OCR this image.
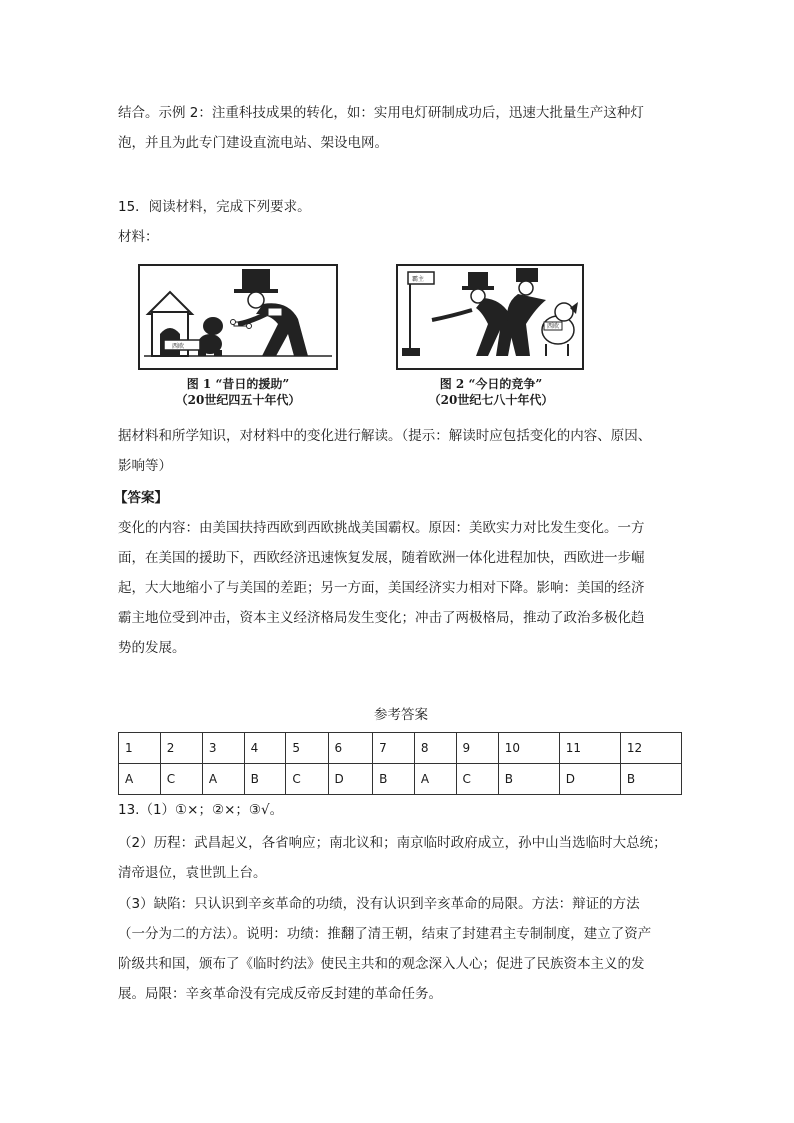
结合。示例 2：注重科技成果的转化，如：实用电灯研制成功后，迅速大批量生产这种灯
泡，并且为此专门建设直流电站、架设电网。
15．阅读材料，完成下列要求。
材料：
西欧
图 1 “昔日的援助”
（20世纪四五十年代）
霸主
西欧
图 2 “今日的竞争”
（20世纪七八十年代）
据材料和所学知识，对材料中的变化进行解读。（提示：解读时应包括变化的内容、原因、
影响等）
【答案】
变化的内容：由美国扶持西欧到西欧挑战美国霸权。原因：美欧实力对比发生变化。一方
面，在美国的援助下，西欧经济迅速恢复发展，随着欧洲一体化进程加快，西欧进一步崛
起，大大地缩小了与美国的差距；另一方面，美国经济实力相对下降。影响：美国的经济
霸主地位受到冲击，资本主义经济格局发生变化；冲击了两极格局，推动了政治多极化趋
势的发展。
参考答案
1	2	3	4	5	6	7	8	9	10	11	12
A	C	A	B	C	D	B	A	C	B	D	B
13.（1）①×；②×；③√。
（2）历程：武昌起义，各省响应；南北议和；南京临时政府成立，孙中山当选临时大总统；
清帝退位，袁世凯上台。
（3）缺陷：只认识到辛亥革命的功绩，没有认识到辛亥革命的局限。方法：辩证的方法
（一分为二的方法）。说明：功绩：推翻了清王朝，结束了封建君主专制制度，建立了资产
阶级共和国，颁布了《临时约法》使民主共和的观念深入人心；促进了民族资本主义的发
展。局限：辛亥革命没有完成反帝反封建的革命任务。
